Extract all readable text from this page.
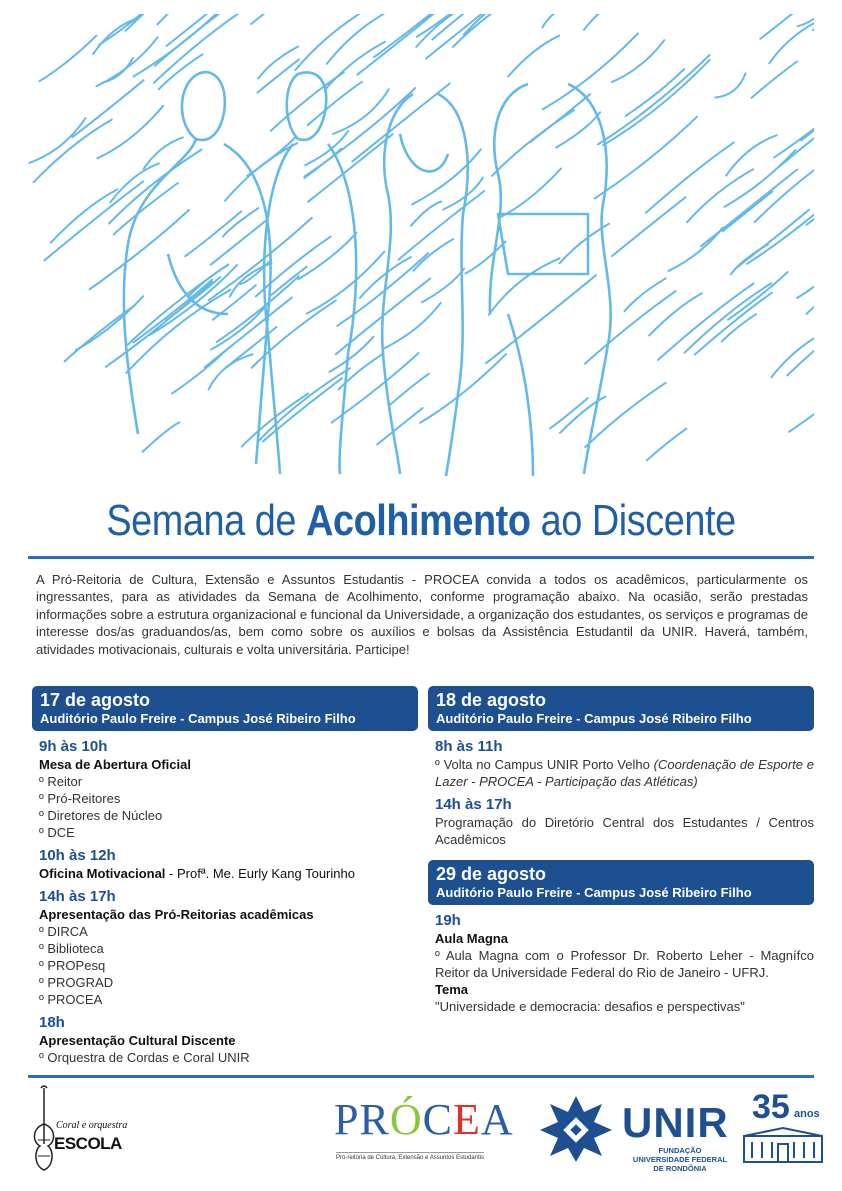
Semana de Acolhimento ao Discente

A Pró-Reitoria de Cultura, Extensão e Assuntos Estudantis - PROCEA convida a todos os acadêmicos, particularmente os ingressantes, para as atividades da Semana de Acolhimento, conforme programação abaixo. Na ocasião, serão prestadas informações sobre a estrutura organizacional e funcional da Universidade, a organização dos estudantes, os serviços e programas de interesse dos/as graduandos/as, bem como sobre os auxílios e bolsas da Assistência Estudantil da UNIR. Haverá, também, atividades motivacionais, culturais e volta universitária. Participe!

17 de agosto
Auditório Paulo Freire - Campus José Ribeiro Filho
9h às 10h
Mesa de Abertura Oficial
º Reitor
º Pró-Reitores
º Diretores de Núcleo
º DCE
10h às 12h
Oficina Motivacional - Profª. Me. Eurly Kang Tourinho
14h às 17h
Apresentação das Pró-Reitorias acadêmicas
º DIRCA
º Biblioteca
º PROPesq
º PROGRAD
º PROCEA
18h
Apresentação Cultural Discente
º Orquestra de Cordas e Coral UNIR
18 de agosto
Auditório Paulo Freire - Campus José Ribeiro Filho
8h às 11h
º Volta no Campus UNIR Porto Velho (Coordenação de Esporte e Lazer - PROCEA - Participação das Atléticas)
14h às 17h
Programação do Diretório Central dos Estudantes / Centros Acadêmicos
29 de agosto
Auditório Paulo Freire - Campus José Ribeiro Filho
19h
Aula Magna
º Aula Magna com o Professor Dr. Roberto Leher - Magnífco Reitor da Universidade Federal do Rio de Janeiro - UFRJ.
Tema
"Universidade e democracia: desafios e perspectivas"
Coral e orquestra
ESCOLA	PRÓCEA
Pró-reitoria de Cultura, Extensão e Assuntos Estudantis
UNIR
FUNDAÇÃO UNIVERSIDADE FEDERAL DE RONDÔNIA
35 anos
